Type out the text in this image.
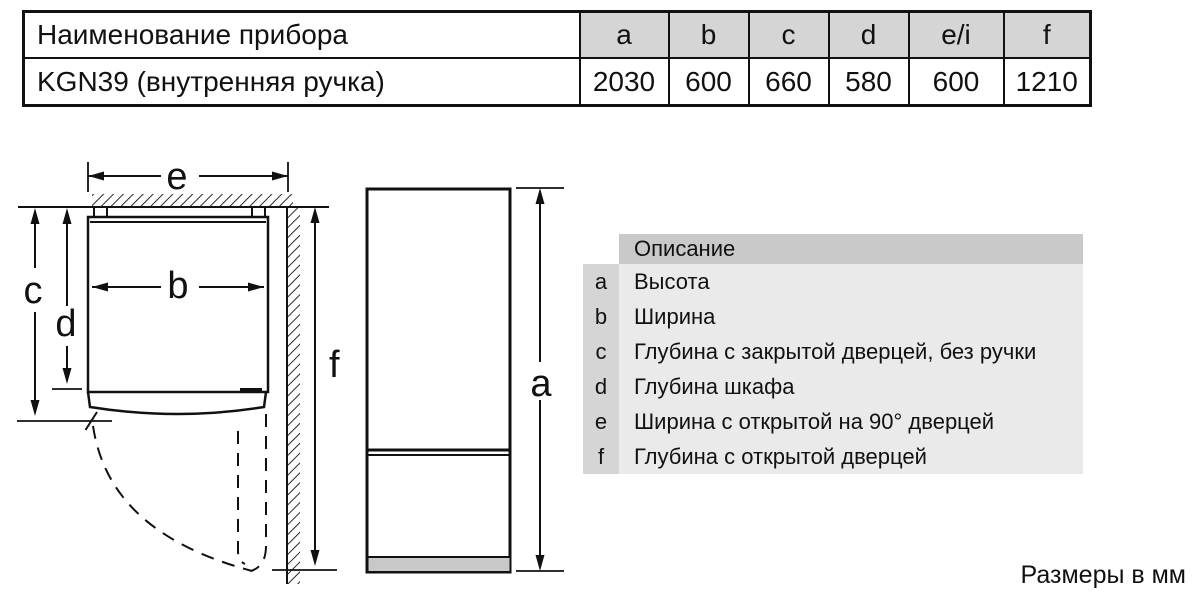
Наименование прибора	a	b	c	d	e/i	f
KGN39 (внутренняя ручка)	2030	600	660	580	600	1210
e
b
c
d
f	a
Описание
a	Высота
b	Ширина
c	Глубина с закрытой дверцей, без ручки
d	Глубина шкафа
e	Ширина с открытой на 90° дверцей
f	Глубина с открытой дверцей
Размеры в мм
